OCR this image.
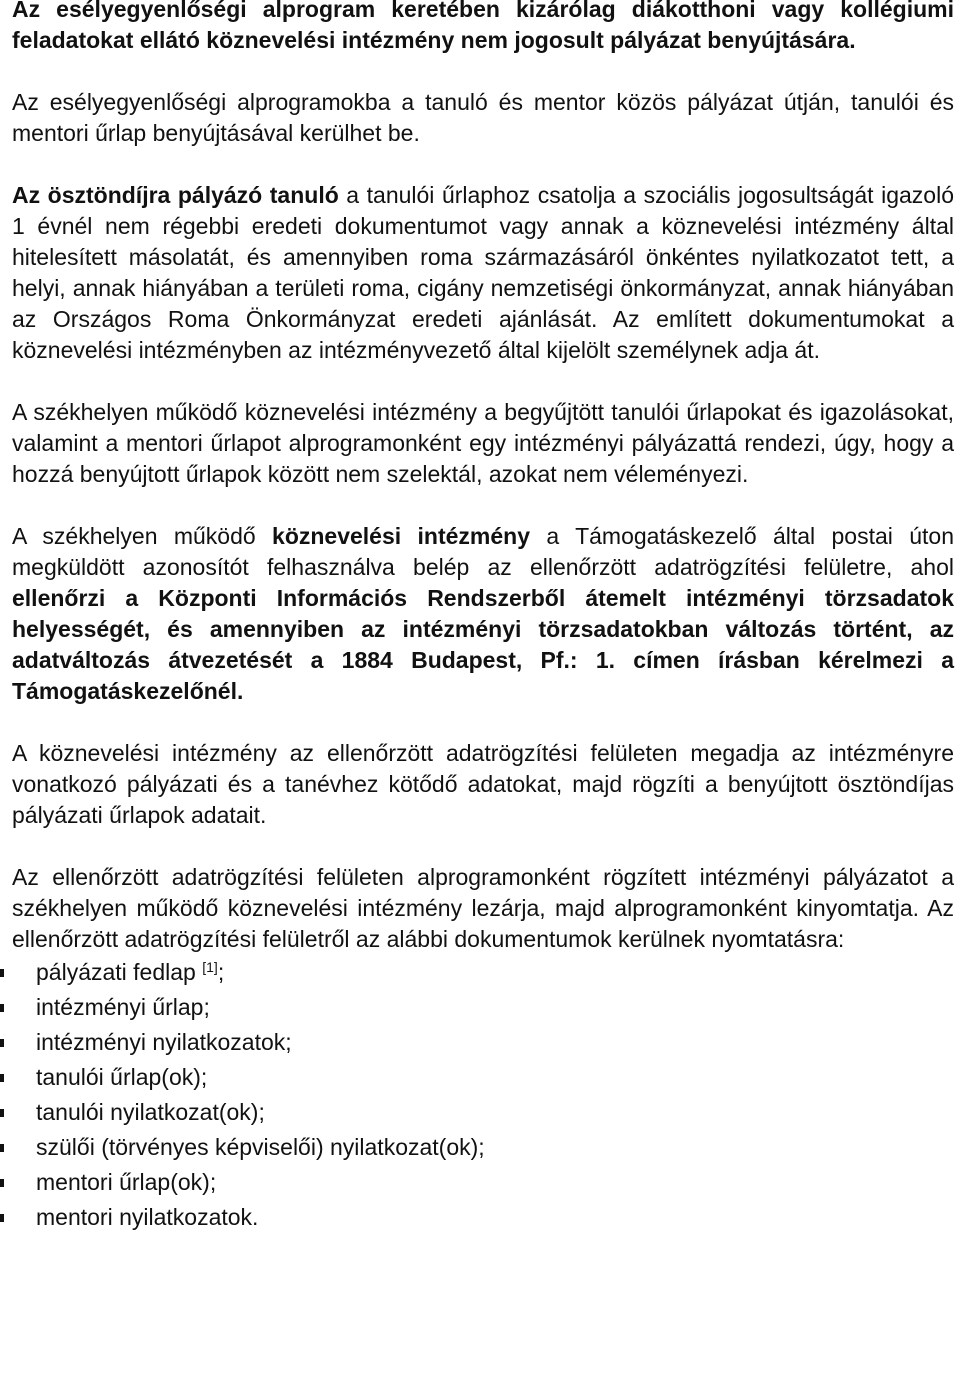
Az esélyegyenlőségi alprogram keretében kizárólag diákotthoni vagy kollégiumi feladatokat ellátó köznevelési intézmény nem jogosult pályázat benyújtására.

Az esélyegyenlőségi alprogramokba a tanuló és mentor közös pályázat útján, tanulói és mentori űrlap benyújtásával kerülhet be.

Az ösztöndíjra pályázó tanuló a tanulói űrlaphoz csatolja a szociális jogosultságát igazoló 1 évnél nem régebbi eredeti dokumentumot vagy annak a köznevelési intézmény által hitelesített másolatát, és amennyiben roma származásáról önkéntes nyilatkozatot tett, a helyi, annak hiányában a területi roma, cigány nemzetiségi önkormányzat, annak hiányában az Országos Roma Önkormányzat eredeti ajánlását. Az említett dokumentumokat a köznevelési intézményben az intézményvezető által kijelölt személynek adja át.

A székhelyen működő köznevelési intézmény a begyűjtött tanulói űrlapokat és igazolásokat, valamint a mentori űrlapot alprogramonként egy intézményi pályázattá rendezi, úgy, hogy a hozzá benyújtott űrlapok között nem szelektál, azokat nem véleményezi.

A székhelyen működő köznevelési intézmény a Támogatáskezelő által postai úton megküldött azonosítót felhasználva belép az ellenőrzött adatrögzítési felületre, ahol ellenőrzi a Központi Információs Rendszerből átemelt intézményi törzsadatok helyességét, és amennyiben az intézményi törzsadatokban változás történt, az adatváltozás átvezetését a 1884 Budapest, Pf.: 1. címen írásban kérelmezi a Támogatáskezelőnél.

A köznevelési intézmény az ellenőrzött adatrögzítési felületen megadja az intézményre vonatkozó pályázati és a tanévhez kötődő adatokat, majd rögzíti a benyújtott ösztöndíjas pályázati űrlapok adatait.

Az ellenőrzött adatrögzítési felületen alprogramonként rögzített intézményi pályázatot a székhelyen működő köznevelési intézmény lezárja, majd alprogramonként kinyomtatja. Az ellenőrzött adatrögzítési felületről az alábbi dokumentumok kerülnek nyomtatásra:

pályázati fedlap [1];
intézményi űrlap;
intézményi nyilatkozatok;
tanulói űrlap(ok);
tanulói nyilatkozat(ok);
szülői (törvényes képviselői) nyilatkozat(ok);
mentori űrlap(ok);
mentori nyilatkozatok.
